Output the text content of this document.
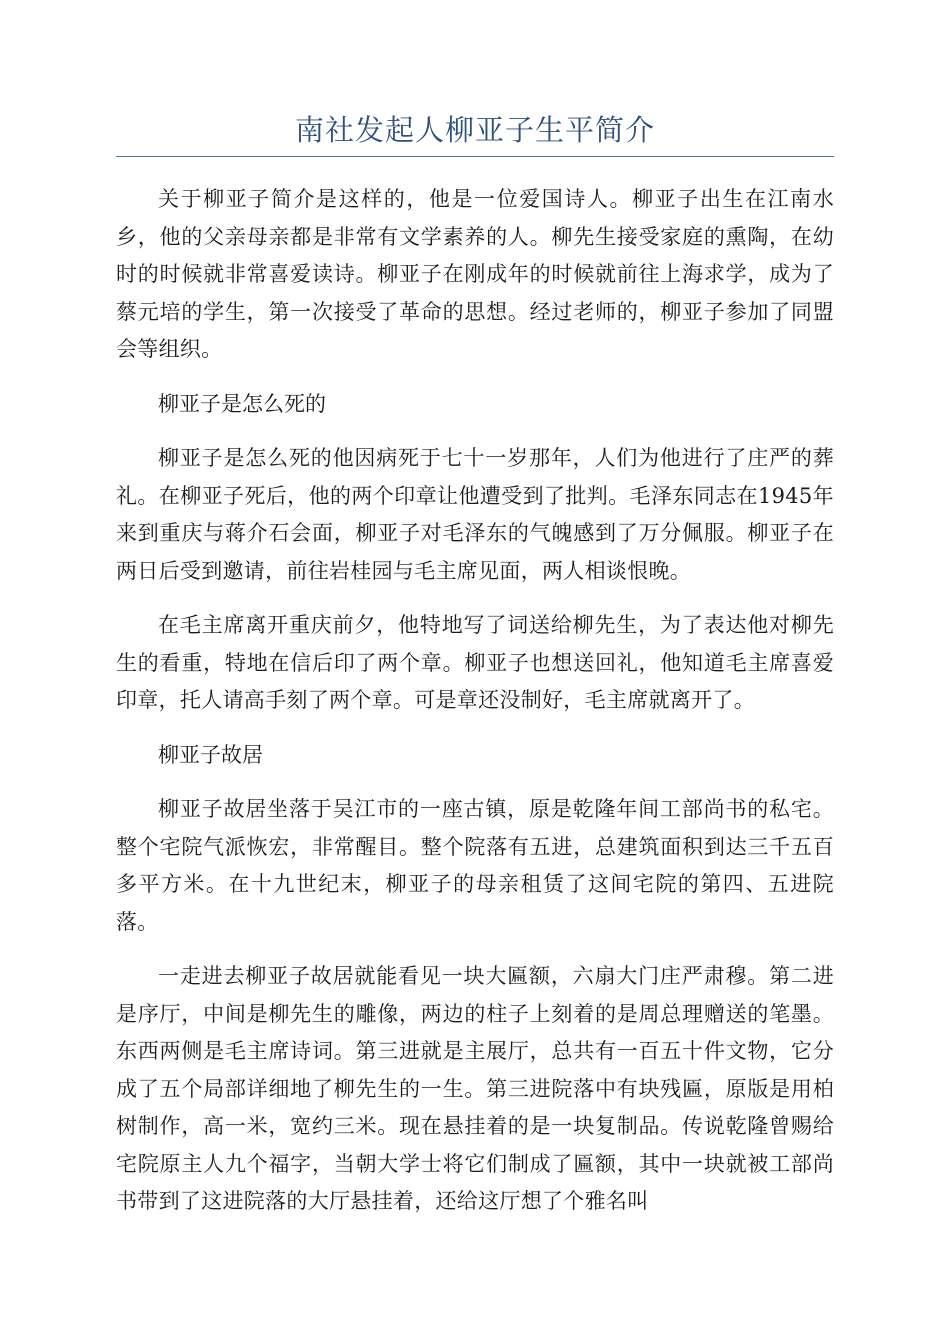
南社发起人柳亚子生平简介

关于柳亚子简介是这样的，他是一位爱国诗人。柳亚子出生在江南水乡，他的父亲母亲都是非常有文学素养的人。柳先生接受家庭的熏陶，在幼时的时候就非常喜爱读诗。柳亚子在刚成年的时候就前往上海求学，成为了蔡元培的学生，第一次接受了革命的思想。经过老师的，柳亚子参加了同盟会等组织。

柳亚子是怎么死的

柳亚子是怎么死的他因病死于七十一岁那年，人们为他进行了庄严的葬礼。在柳亚子死后，他的两个印章让他遭受到了批判。毛泽东同志在1945年来到重庆与蒋介石会面，柳亚子对毛泽东的气魄感到了万分佩服。柳亚子在两日后受到邀请，前往岩桂园与毛主席见面，两人相谈恨晚。

在毛主席离开重庆前夕，他特地写了词送给柳先生，为了表达他对柳先生的看重，特地在信后印了两个章。柳亚子也想送回礼，他知道毛主席喜爱印章，托人请高手刻了两个章。可是章还没制好，毛主席就离开了。

柳亚子故居

柳亚子故居坐落于吴江市的一座古镇，原是乾隆年间工部尚书的私宅。整个宅院气派恢宏，非常醒目。整个院落有五进，总建筑面积到达三千五百多平方米。在十九世纪末，柳亚子的母亲租赁了这间宅院的第四、五进院落。

一走进去柳亚子故居就能看见一块大匾额，六扇大门庄严肃穆。第二进是序厅，中间是柳先生的雕像，两边的柱子上刻着的是周总理赠送的笔墨。东西两侧是毛主席诗词。第三进就是主展厅，总共有一百五十件文物，它分成了五个局部详细地了柳先生的一生。第三进院落中有块残匾，原版是用柏树制作，高一米，宽约三米。现在悬挂着的是一块复制品。传说乾隆曾赐给宅院原主人九个福字，当朝大学士将它们制成了匾额，其中一块就被工部尚书带到了这进院落的大厅悬挂着，还给这厅想了个雅名叫
